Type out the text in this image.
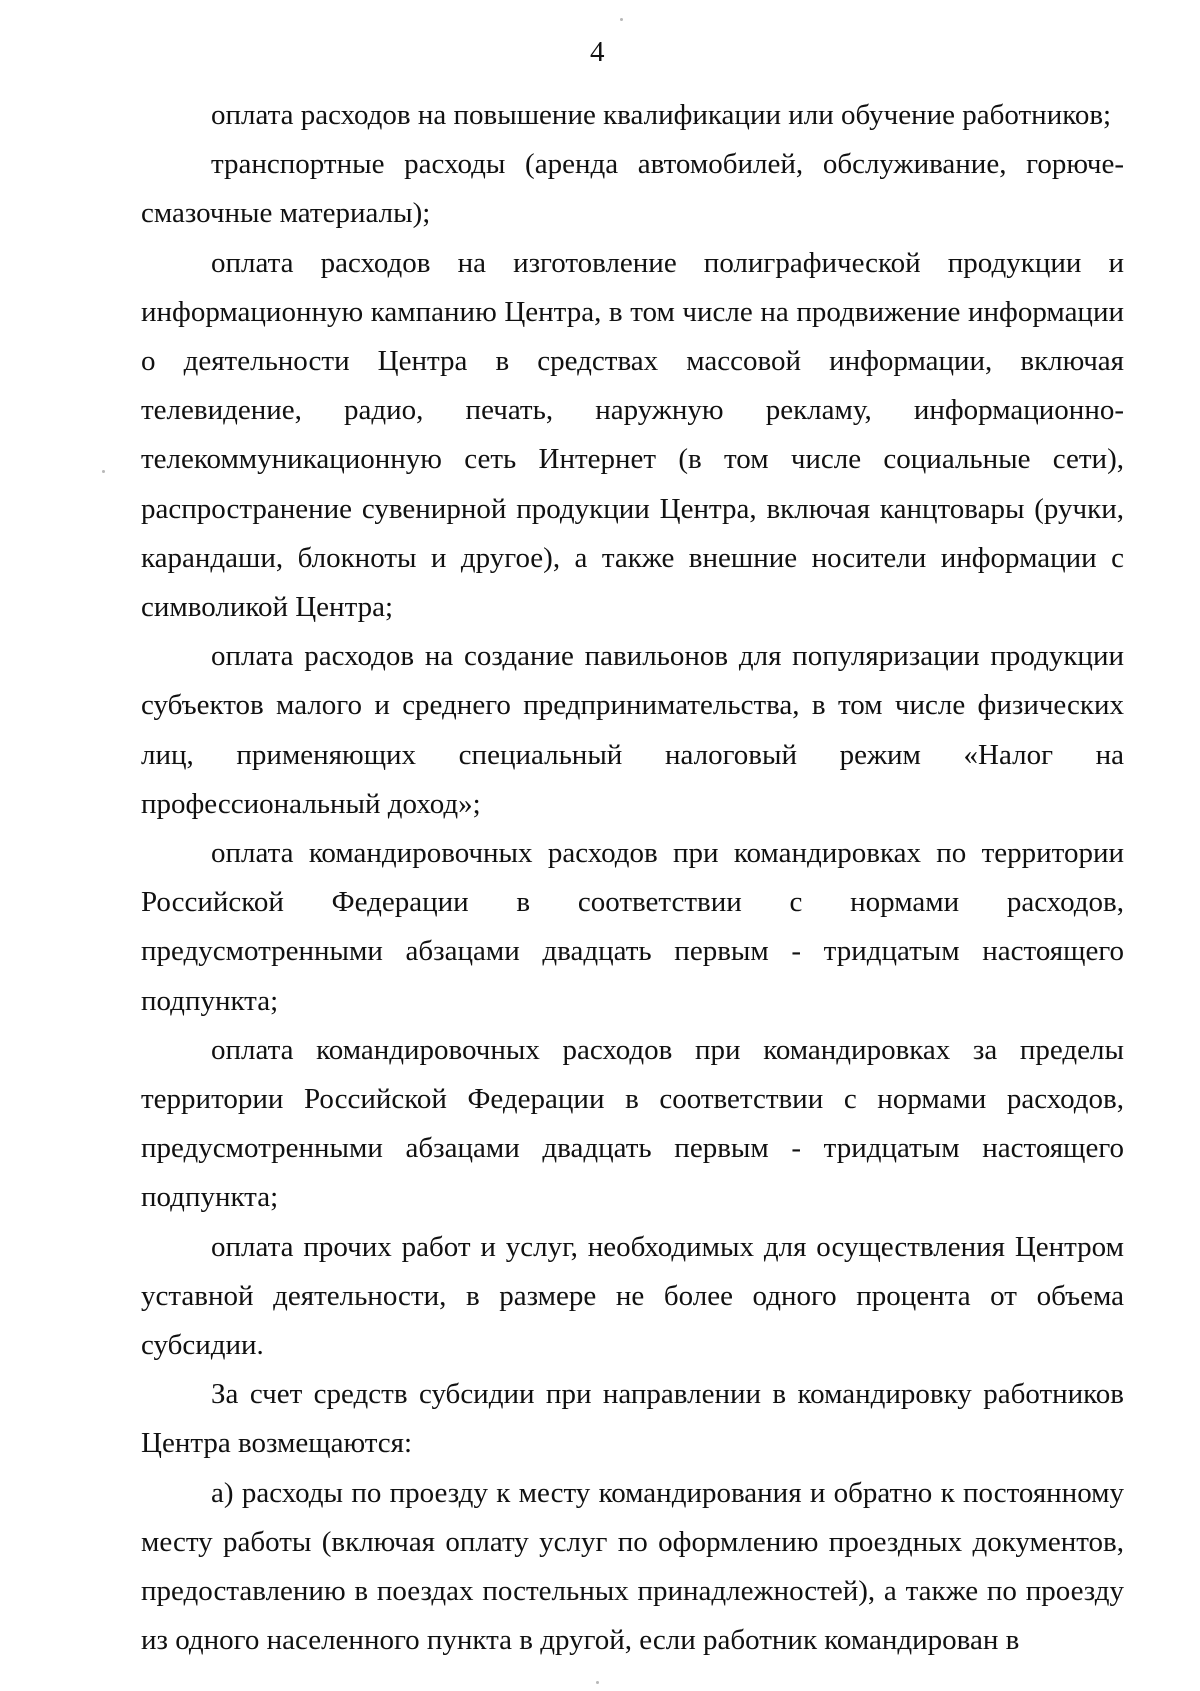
4

оплата расходов на повышение квалификации или обучение работников;

транспортные расходы (аренда автомобилей, обслуживание, горюче-смазочные материалы);

оплата расходов на изготовление полиграфической продукции и информационную кампанию Центра, в том числе на продвижение информации о деятельности Центра в средствах массовой информации, включая телевидение, радио, печать, наружную рекламу, информационно-телекоммуникационную сеть Интернет (в том числе социальные сети), распространение сувенирной продукции Центра, включая канцтовары (ручки, карандаши, блокноты и другое), а также внешние носители информации с символикой Центра;

оплата расходов на создание павильонов для популяризации продукции субъектов малого и среднего предпринимательства, в том числе физических лиц, применяющих специальный налоговый режим «Налог на профессиональный доход»;

оплата командировочных расходов при командировках по территории Российской Федерации в соответствии с нормами расходов, предусмотренными абзацами двадцать первым - тридцатым настоящего подпункта;

оплата командировочных расходов при командировках за пределы территории Российской Федерации в соответствии с нормами расходов, предусмотренными абзацами двадцать первым - тридцатым настоящего подпункта;

оплата прочих работ и услуг, необходимых для осуществления Центром уставной деятельности, в размере не более одного процента от объема субсидии.

За счет средств субсидии при направлении в командировку работников Центра возмещаются:

а) расходы по проезду к месту командирования и обратно к постоянному месту работы (включая оплату услуг по оформлению проездных документов, предоставлению в поездах постельных принадлежностей), а также по проезду из одного населенного пункта в другой, если работник командирован в
